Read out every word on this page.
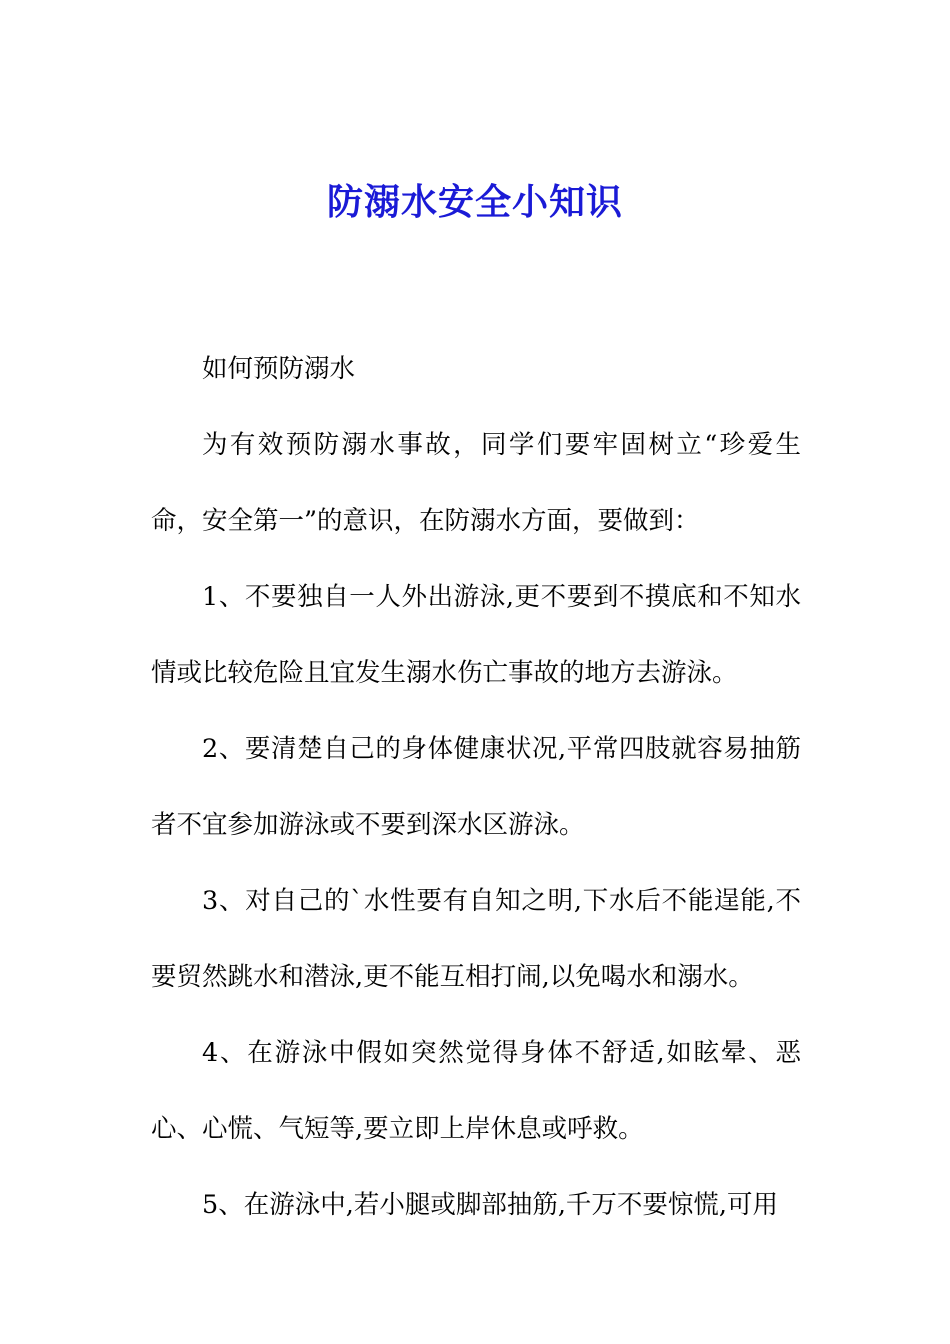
防溺水安全小知识

如何预防溺水

为有效预防溺水事故，同学们要牢固树立“珍爱生命，安全第一”的意识，在防溺水方面，要做到：

1、不要独自一人外出游泳,更不要到不摸底和不知水情或比较危险且宜发生溺水伤亡事故的地方去游泳。

2、要清楚自己的身体健康状况,平常四肢就容易抽筋者不宜参加游泳或不要到深水区游泳。

3、对自己的`水性要有自知之明,下水后不能逞能,不要贸然跳水和潜泳,更不能互相打闹,以免喝水和溺水。

4、在游泳中假如突然觉得身体不舒适,如眩晕、恶心、心慌、气短等,要立即上岸休息或呼救。

5、在游泳中,若小腿或脚部抽筋,千万不要惊慌,可用
